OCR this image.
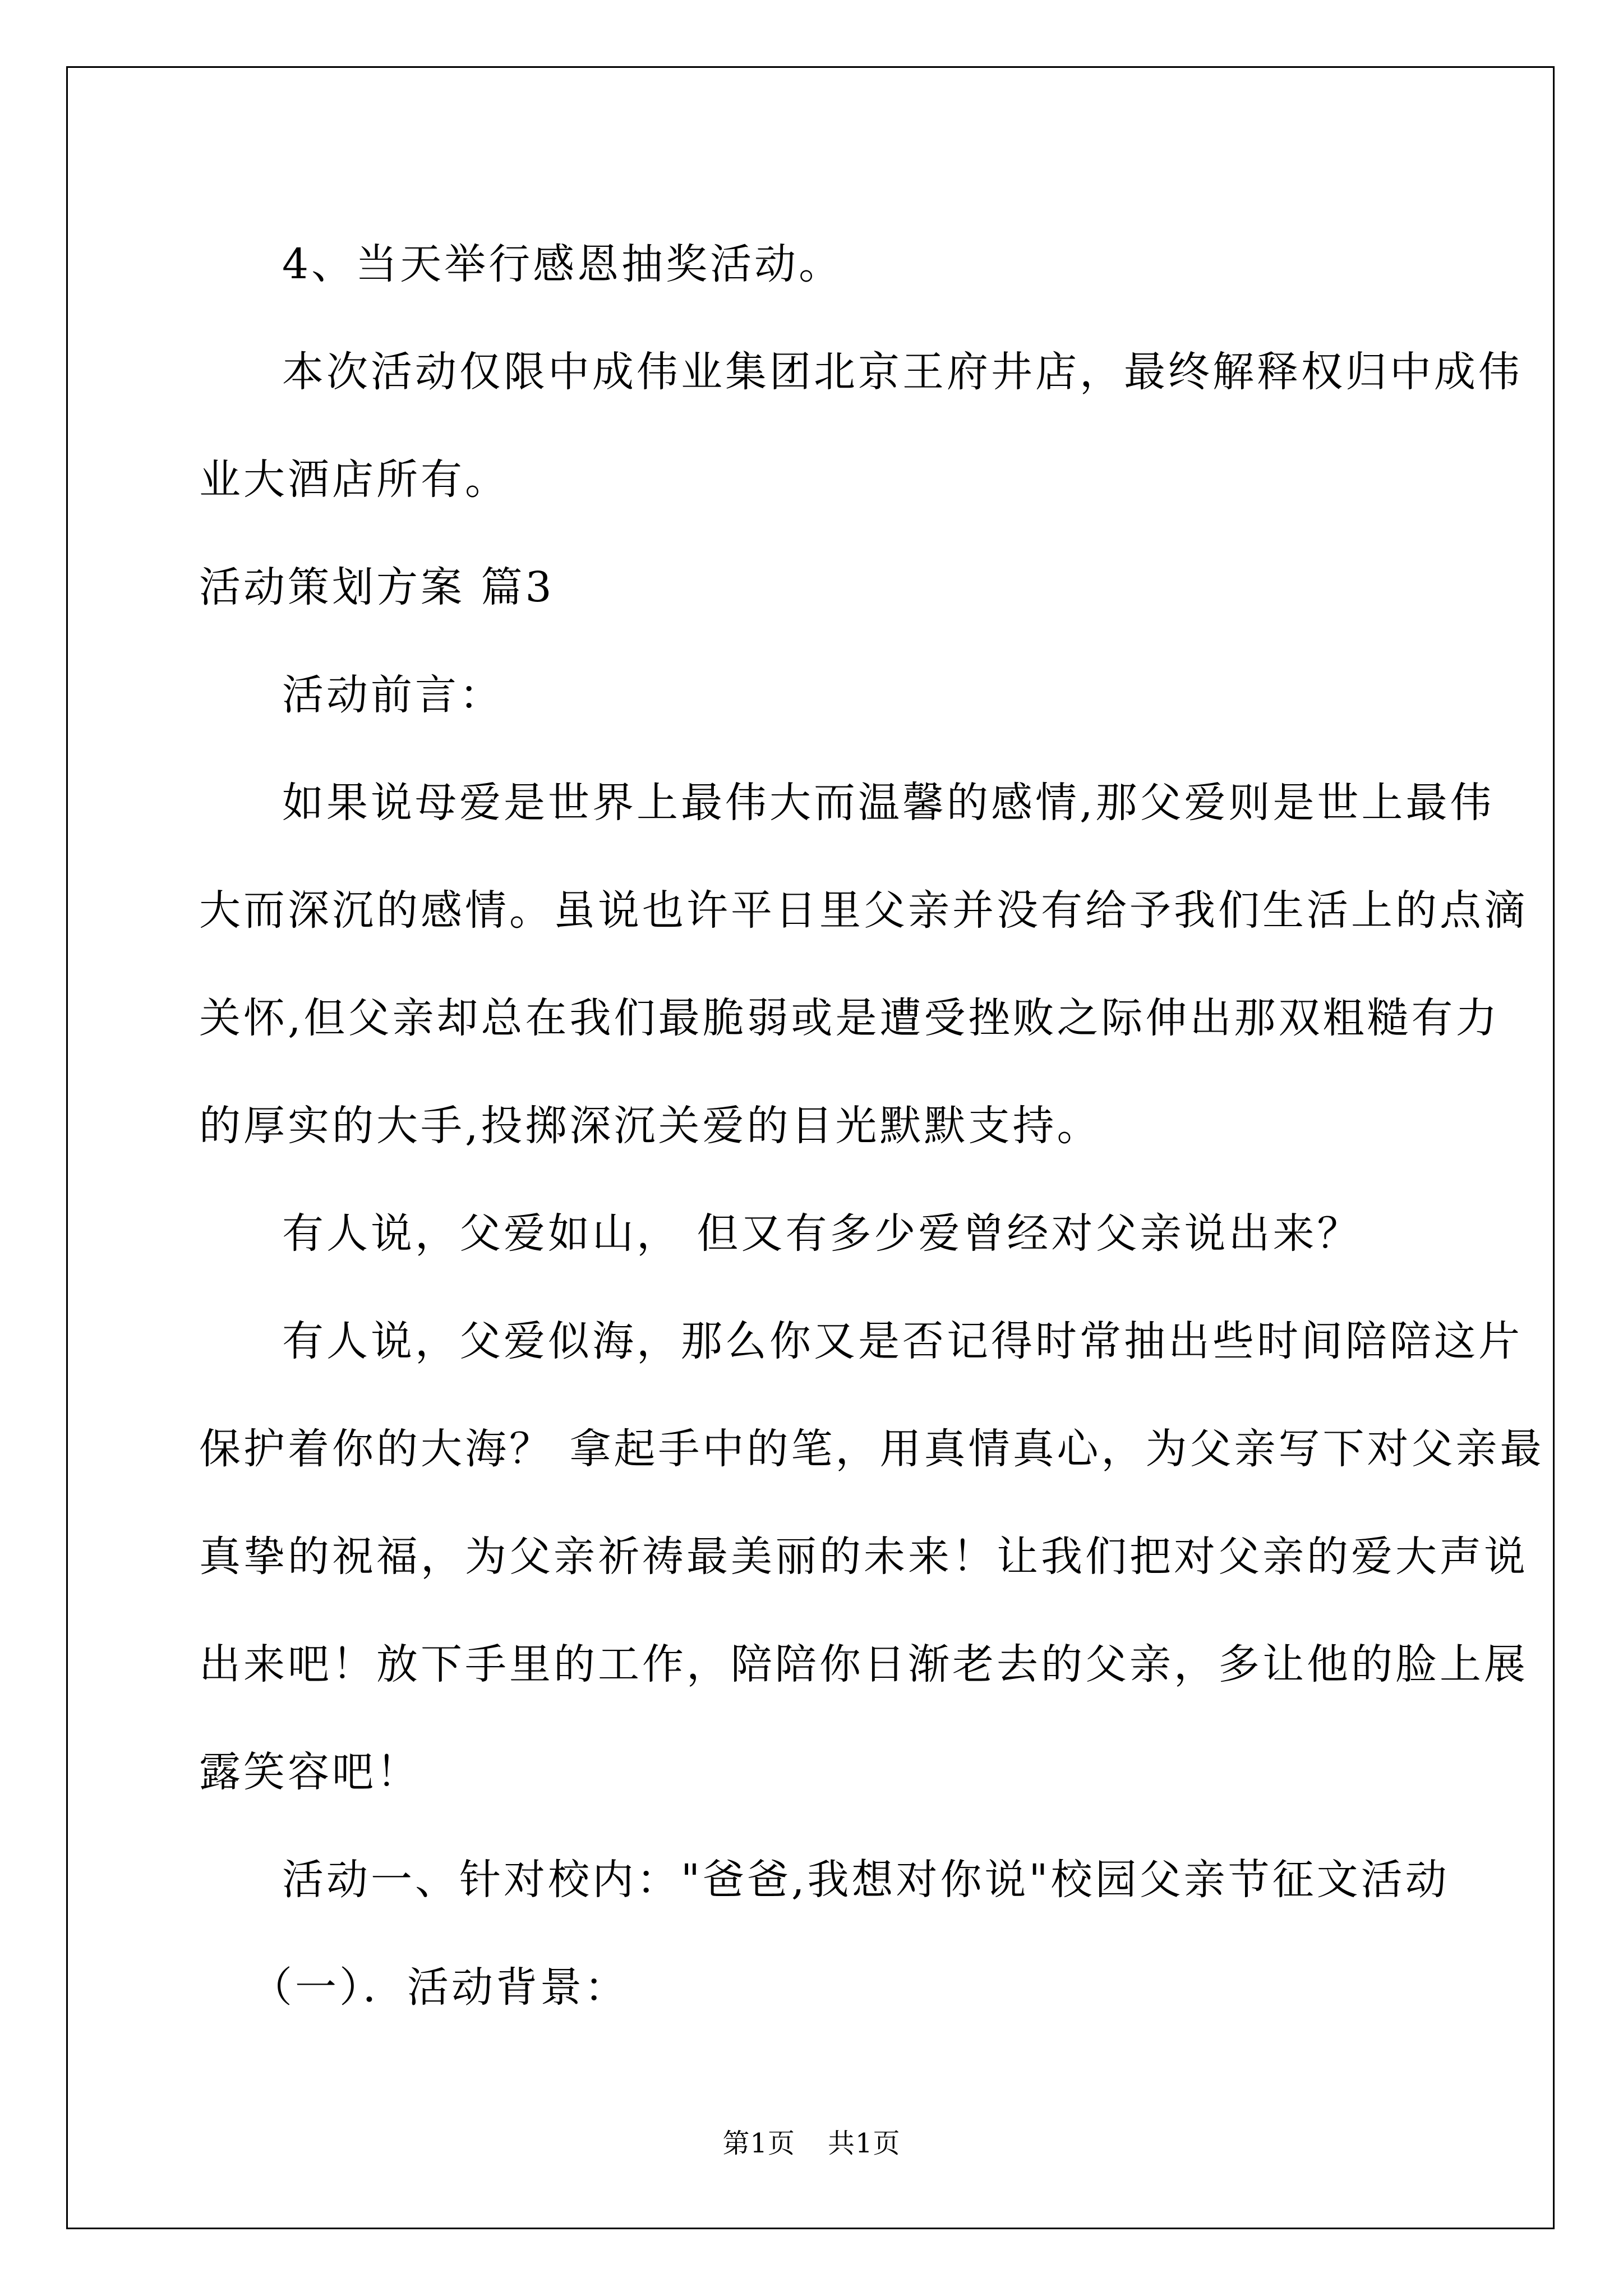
4、当天举行感恩抽奖活动。
本次活动仅限中成伟业集团北京王府井店，最终解释权归中成伟
业大酒店所有。
活动策划方案 篇3
活动前言：
如果说母爱是世界上最伟大而温馨的感情,那父爱则是世上最伟
大而深沉的感情。虽说也许平日里父亲并没有给予我们生活上的点滴
关怀,但父亲却总在我们最脆弱或是遭受挫败之际伸出那双粗糙有力
的厚实的大手,投掷深沉关爱的目光默默支持。
有人说，父爱如山， 但又有多少爱曾经对父亲说出来？
有人说，父爱似海，那么你又是否记得时常抽出些时间陪陪这片
保护着你的大海？ 拿起手中的笔，用真情真心，为父亲写下对父亲最
真挚的祝福，为父亲祈祷最美丽的未来！让我们把对父亲的爱大声说
出来吧！放下手里的工作，陪陪你日渐老去的父亲，多让他的脸上展
露笑容吧！
活动一、针对校内："爸爸,我想对你说"校园父亲节征文活动
（一）．活动背景：
第1页 共1页
